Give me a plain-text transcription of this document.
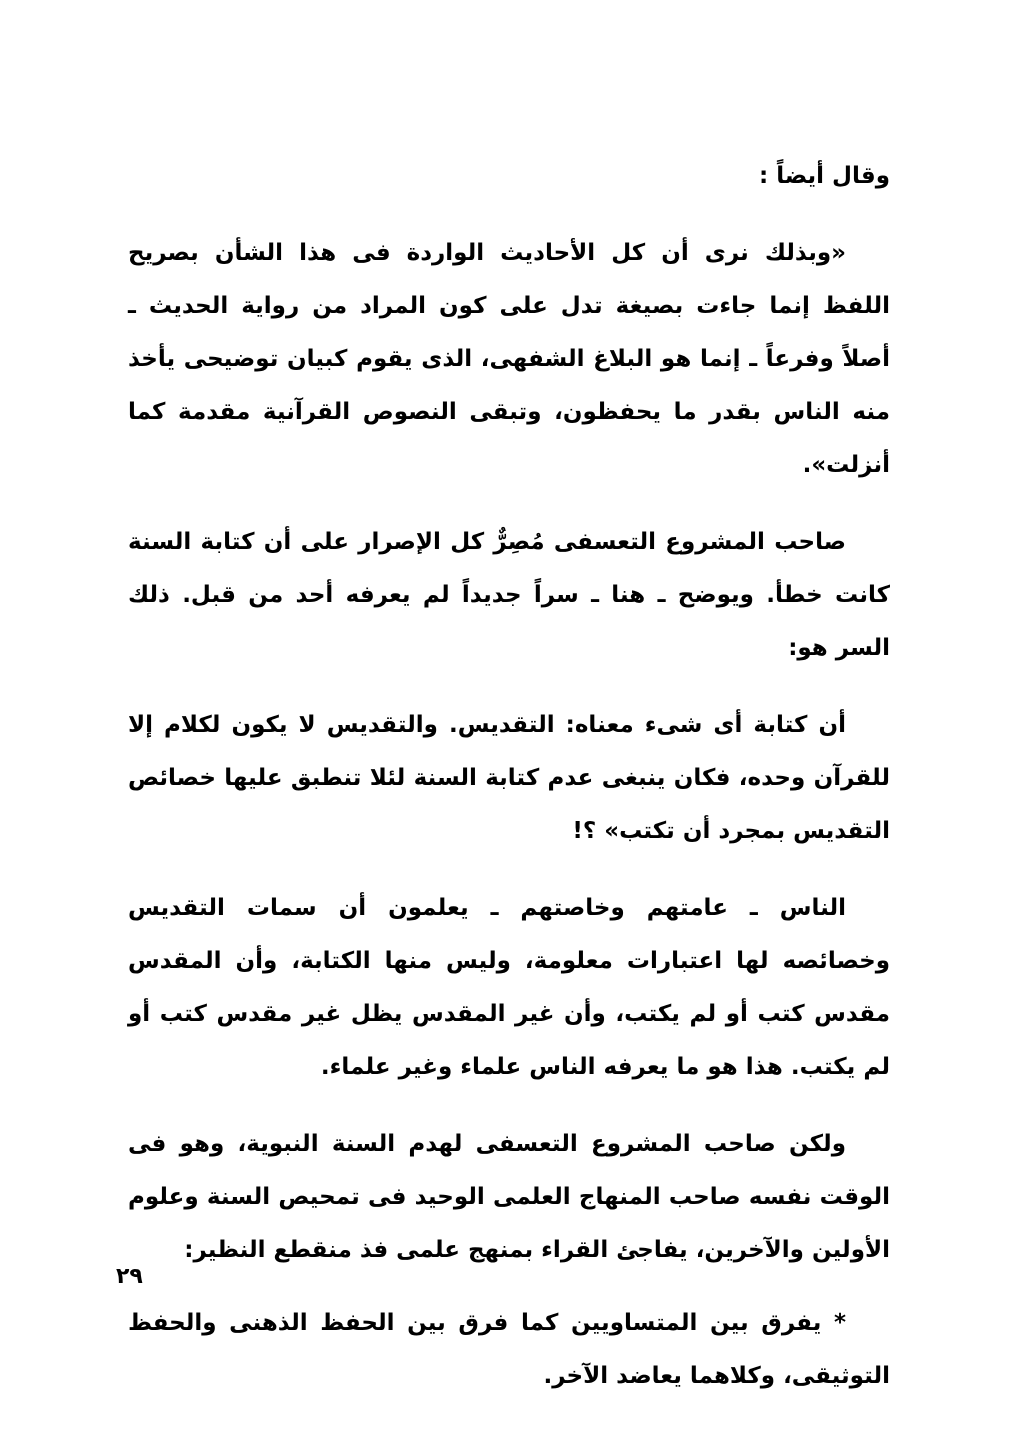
وقال أيضاً :

«وبذلك نرى أن كل الأحاديث الواردة فى هذا الشأن بصريح اللفظ إنما جاءت بصيغة تدل على كون المراد من رواية الحديث ـ أصلاً وفرعاً ـ إنما هو البلاغ الشفهى، الذى يقوم كبيان توضيحى يأخذ منه الناس بقدر ما يحفظون، وتبقى النصوص القرآنية مقدمة كما أنزلت».

صاحب المشروع التعسفى مُصِرٌّ كل الإصرار على أن كتابة السنة كانت خطأ. ويوضح ـ هنا ـ سراً جديداً لم يعرفه أحد من قبل. ذلك السر هو:

أن كتابة أى شىء معناه: التقديس. والتقديس لا يكون لكلام إلا للقرآن وحده، فكان ينبغى عدم كتابة السنة لئلا تنطبق عليها خصائص التقديس بمجرد أن تكتب» ؟!

الناس ـ عامتهم وخاصتهم ـ يعلمون أن سمات التقديس وخصائصه لها اعتبارات معلومة، وليس منها الكتابة، وأن المقدس مقدس كتب أو لم يكتب، وأن غير المقدس يظل غير مقدس كتب أو لم يكتب. هذا هو ما يعرفه الناس علماء وغير علماء.

ولكن صاحب المشروع التعسفى لهدم السنة النبوية، وهو فى الوقت نفسه صاحب المنهاج العلمى الوحيد فى تمحيص السنة وعلوم الأولين والآخرين، يفاجئ القراء بمنهج علمى فذ منقطع النظير:

* يفرق بين المتساويين كما فرق بين الحفظ الذهنى والحفظ التوثيقى، وكلاهما يعاضد الآخر.

٢٩
